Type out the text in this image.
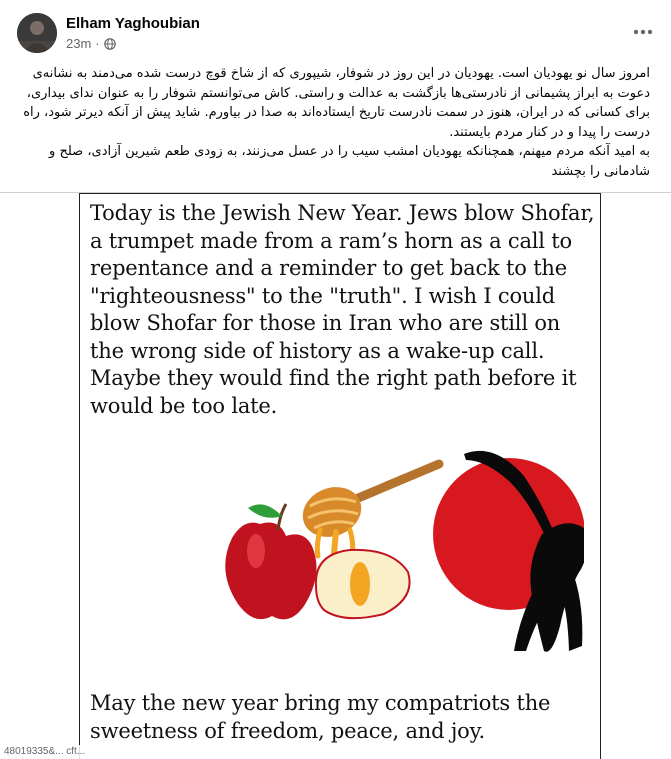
Elham Yaghoubian
23m ·

امروز سال نو یهودیان است. یهودیان در این روز در شوفار، شیپوری که از شاخ قوچ درست شده می‌دمند به نشانه‌ی دعوت به ابراز پشیمانی از نادرستی‌ها بازگشت به عدالت و راستی. کاش می‌توانستم شوفار را به عنوان ندای بیداری، برای کسانی که در ایران، هنوز در سمت نادرست تاریخ ایستاده‌اند به صدا در بیاورم. شاید پیش از آنکه دیرتر شود، راه درست را پیدا و در کنار مردم بایستند.

به امید آنکه مردم میهنم، همچنانکه یهودیان امشب سیب را در عسل می‌زنند، به زودی طعم شیرین آزادی، صلح و شادمانی را بچشند

Today is the Jewish New Year. Jews blow Shofar, a trumpet made from a ram’s horn as a call to repentance and a reminder to get back to the "righteousness" to the "truth". I wish I could blow Shofar for those in Iran who are still on the wrong side of history as a wake-up call. Maybe they would find the right path before it would be too late.
May the new year bring my compatriots the sweetness of freedom, peace, and joy.
48019335&... cft...
